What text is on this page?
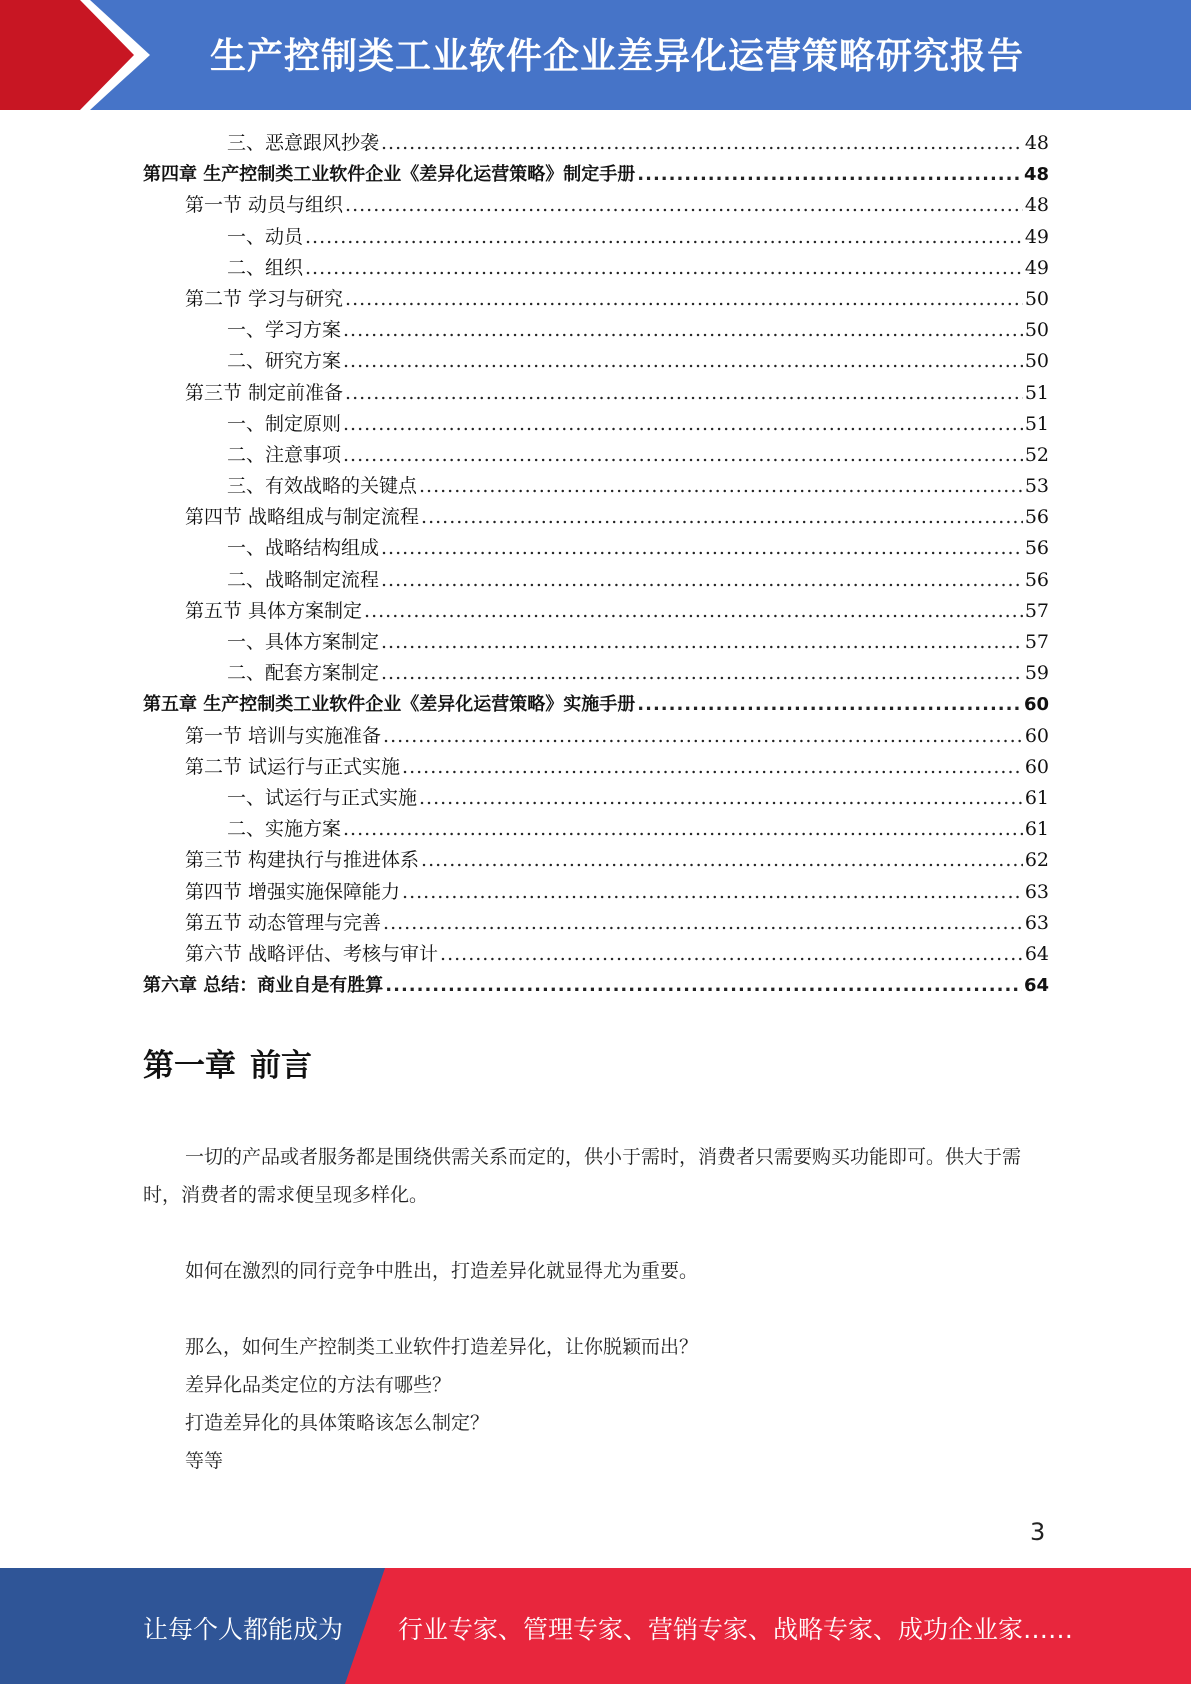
生产控制类工业软件企业差异化运营策略研究报告
三、恶意跟风抄袭 .....	48
第四章 生产控制类工业软件企业《差异化运营策略》制定手册 .....	48
第一节 动员与组织 .....	48
一、动员 .....	49
二、组织 .....	49
第二节 学习与研究 .....	50
一、学习方案 .....	50
二、研究方案 .....	50
第三节 制定前准备 .....	51
一、制定原则 .....	51
二、注意事项 .....	52
三、有效战略的关键点 .....	53
第四节 战略组成与制定流程 .....	56
一、战略结构组成 .....	56
二、战略制定流程 .....	56
第五节 具体方案制定 .....	57
一、具体方案制定 .....	57
二、配套方案制定 .....	59
第五章 生产控制类工业软件企业《差异化运营策略》实施手册 .....	60
第一节 培训与实施准备 .....	60
第二节 试运行与正式实施 .....	60
一、试运行与正式实施 .....	61
二、实施方案 .....	61
第三节 构建执行与推进体系 .....	62
第四节 增强实施保障能力 .....	63
第五节 动态管理与完善 .....	63
第六节 战略评估、考核与审计 .....	64
第六章 总结：商业自是有胜算 .....	64
第一章 前言
一切的产品或者服务都是围绕供需关系而定的，供小于需时，消费者只需要购买功能即可。供大于需时，消费者的需求便呈现多样化。
如何在激烈的同行竞争中胜出，打造差异化就显得尤为重要。
那么，如何生产控制类工业软件打造差异化，让你脱颖而出？
差异化品类定位的方法有哪些？
打造差异化的具体策略该怎么制定？
等等
3
让每个人都能成为 行业专家、管理专家、营销专家、战略专家、成功企业家……
